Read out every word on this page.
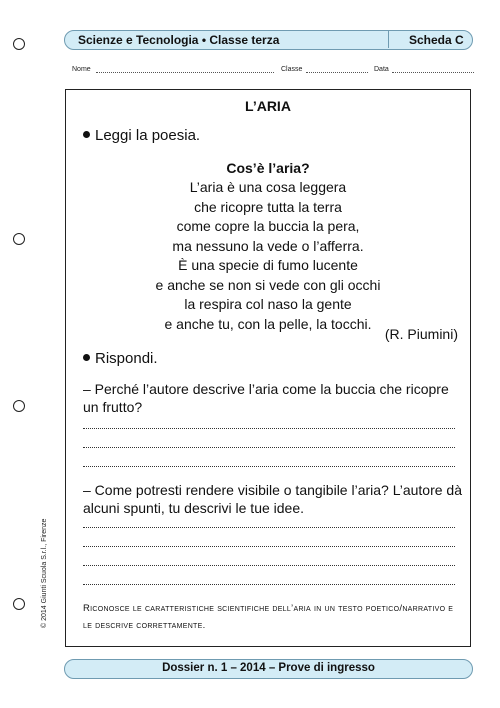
Scienze e Tecnologia • Classe terza	Scheda C
Nome	Classe	Data
L’ARIA
Leggi la poesia.
Cos’è l’aria?
L’aria è una cosa leggera
che ricopre tutta la terra
come copre la buccia la pera,
ma nessuno la vede o l’afferra.
È una specie di fumo lucente
e anche se non si vede con gli occhi
la respira col naso la gente
e anche tu, con la pelle, la tocchi.
(R. Piumini)
Rispondi.
– Perché l’autore descrive l’aria come la buccia che ricopre un frutto?
– Come potresti rendere visibile o tangibile l’aria? L’autore dà alcuni spunti, tu descrivi le tue idee.
Riconosce le caratteristiche scientifiche dell’aria in un testo poetico/narrativo e le descrive correttamente.
Dossier n. 1 – 2014 – Prove di ingresso
© 2014 Giunti Scuola S.r.l., Firenze
